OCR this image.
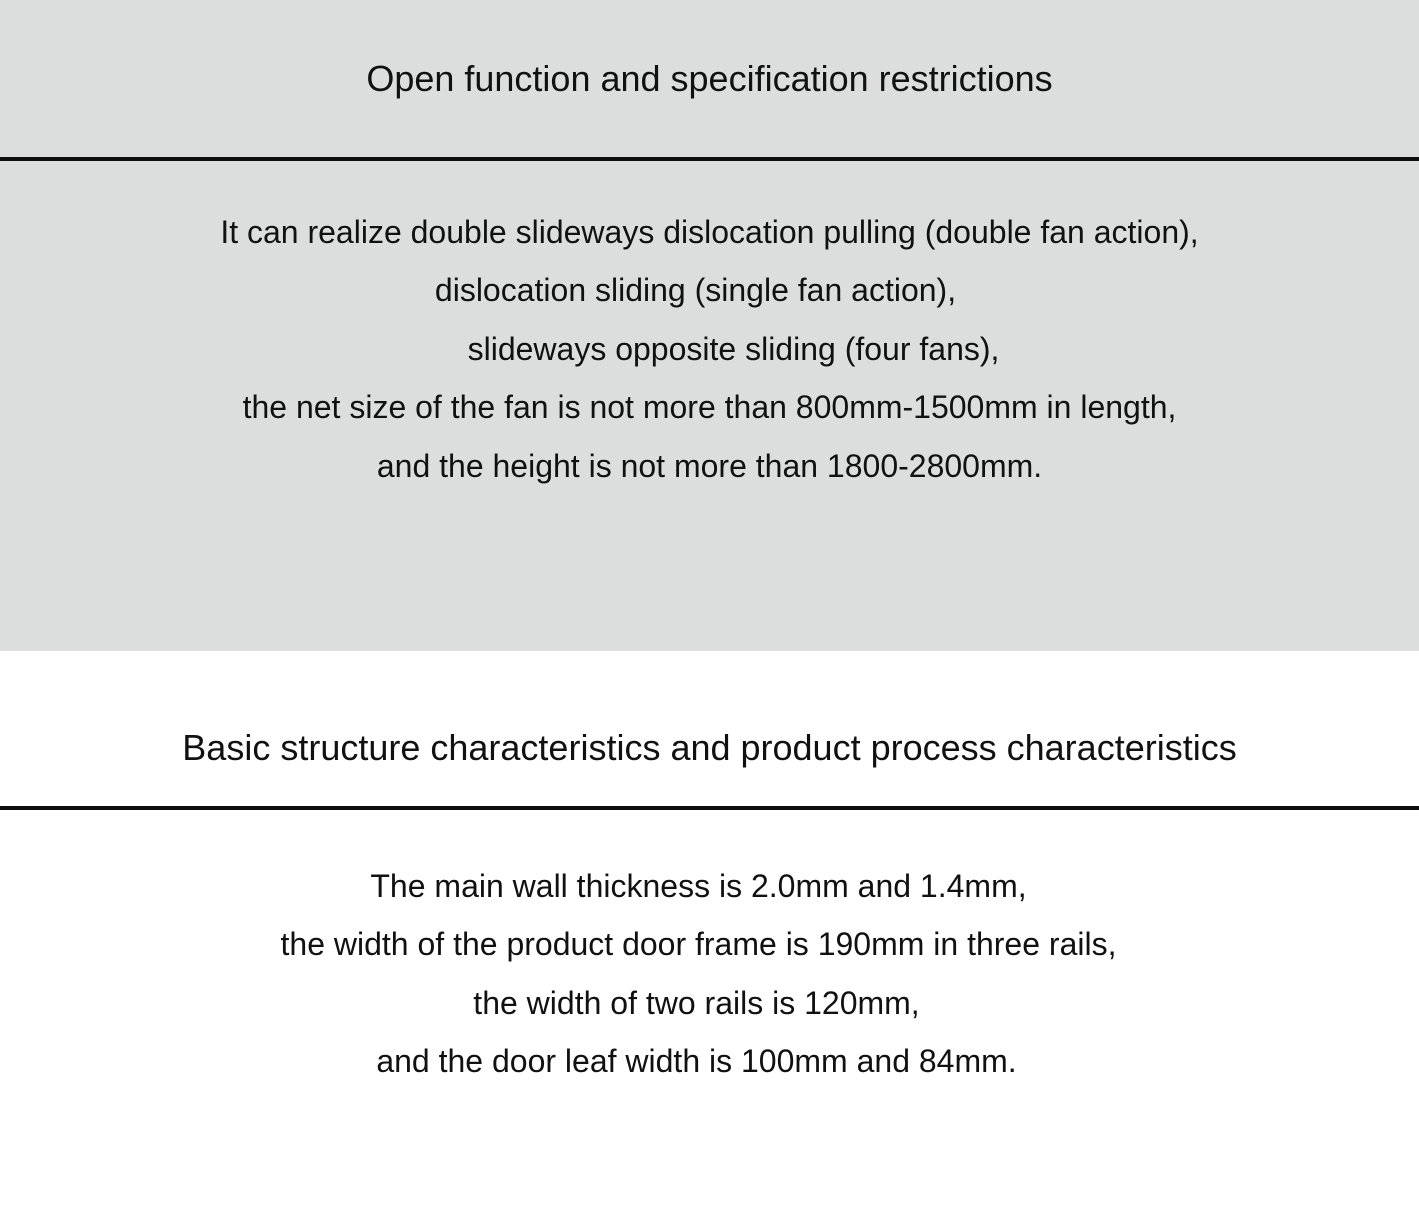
Open function and specification restrictions
It can realize double slideways dislocation pulling (double fan action),
dislocation sliding (single fan action),
slideways opposite sliding (four fans),
the net size of the fan is not more than 800mm-1500mm in length,
and the height is not more than 1800-2800mm.
Basic structure characteristics and product process characteristics
The main wall thickness is 2.0mm and 1.4mm,
the width of the product door frame is 190mm in three rails,
the width of two rails is 120mm,
and the door leaf width is 100mm and 84mm.
